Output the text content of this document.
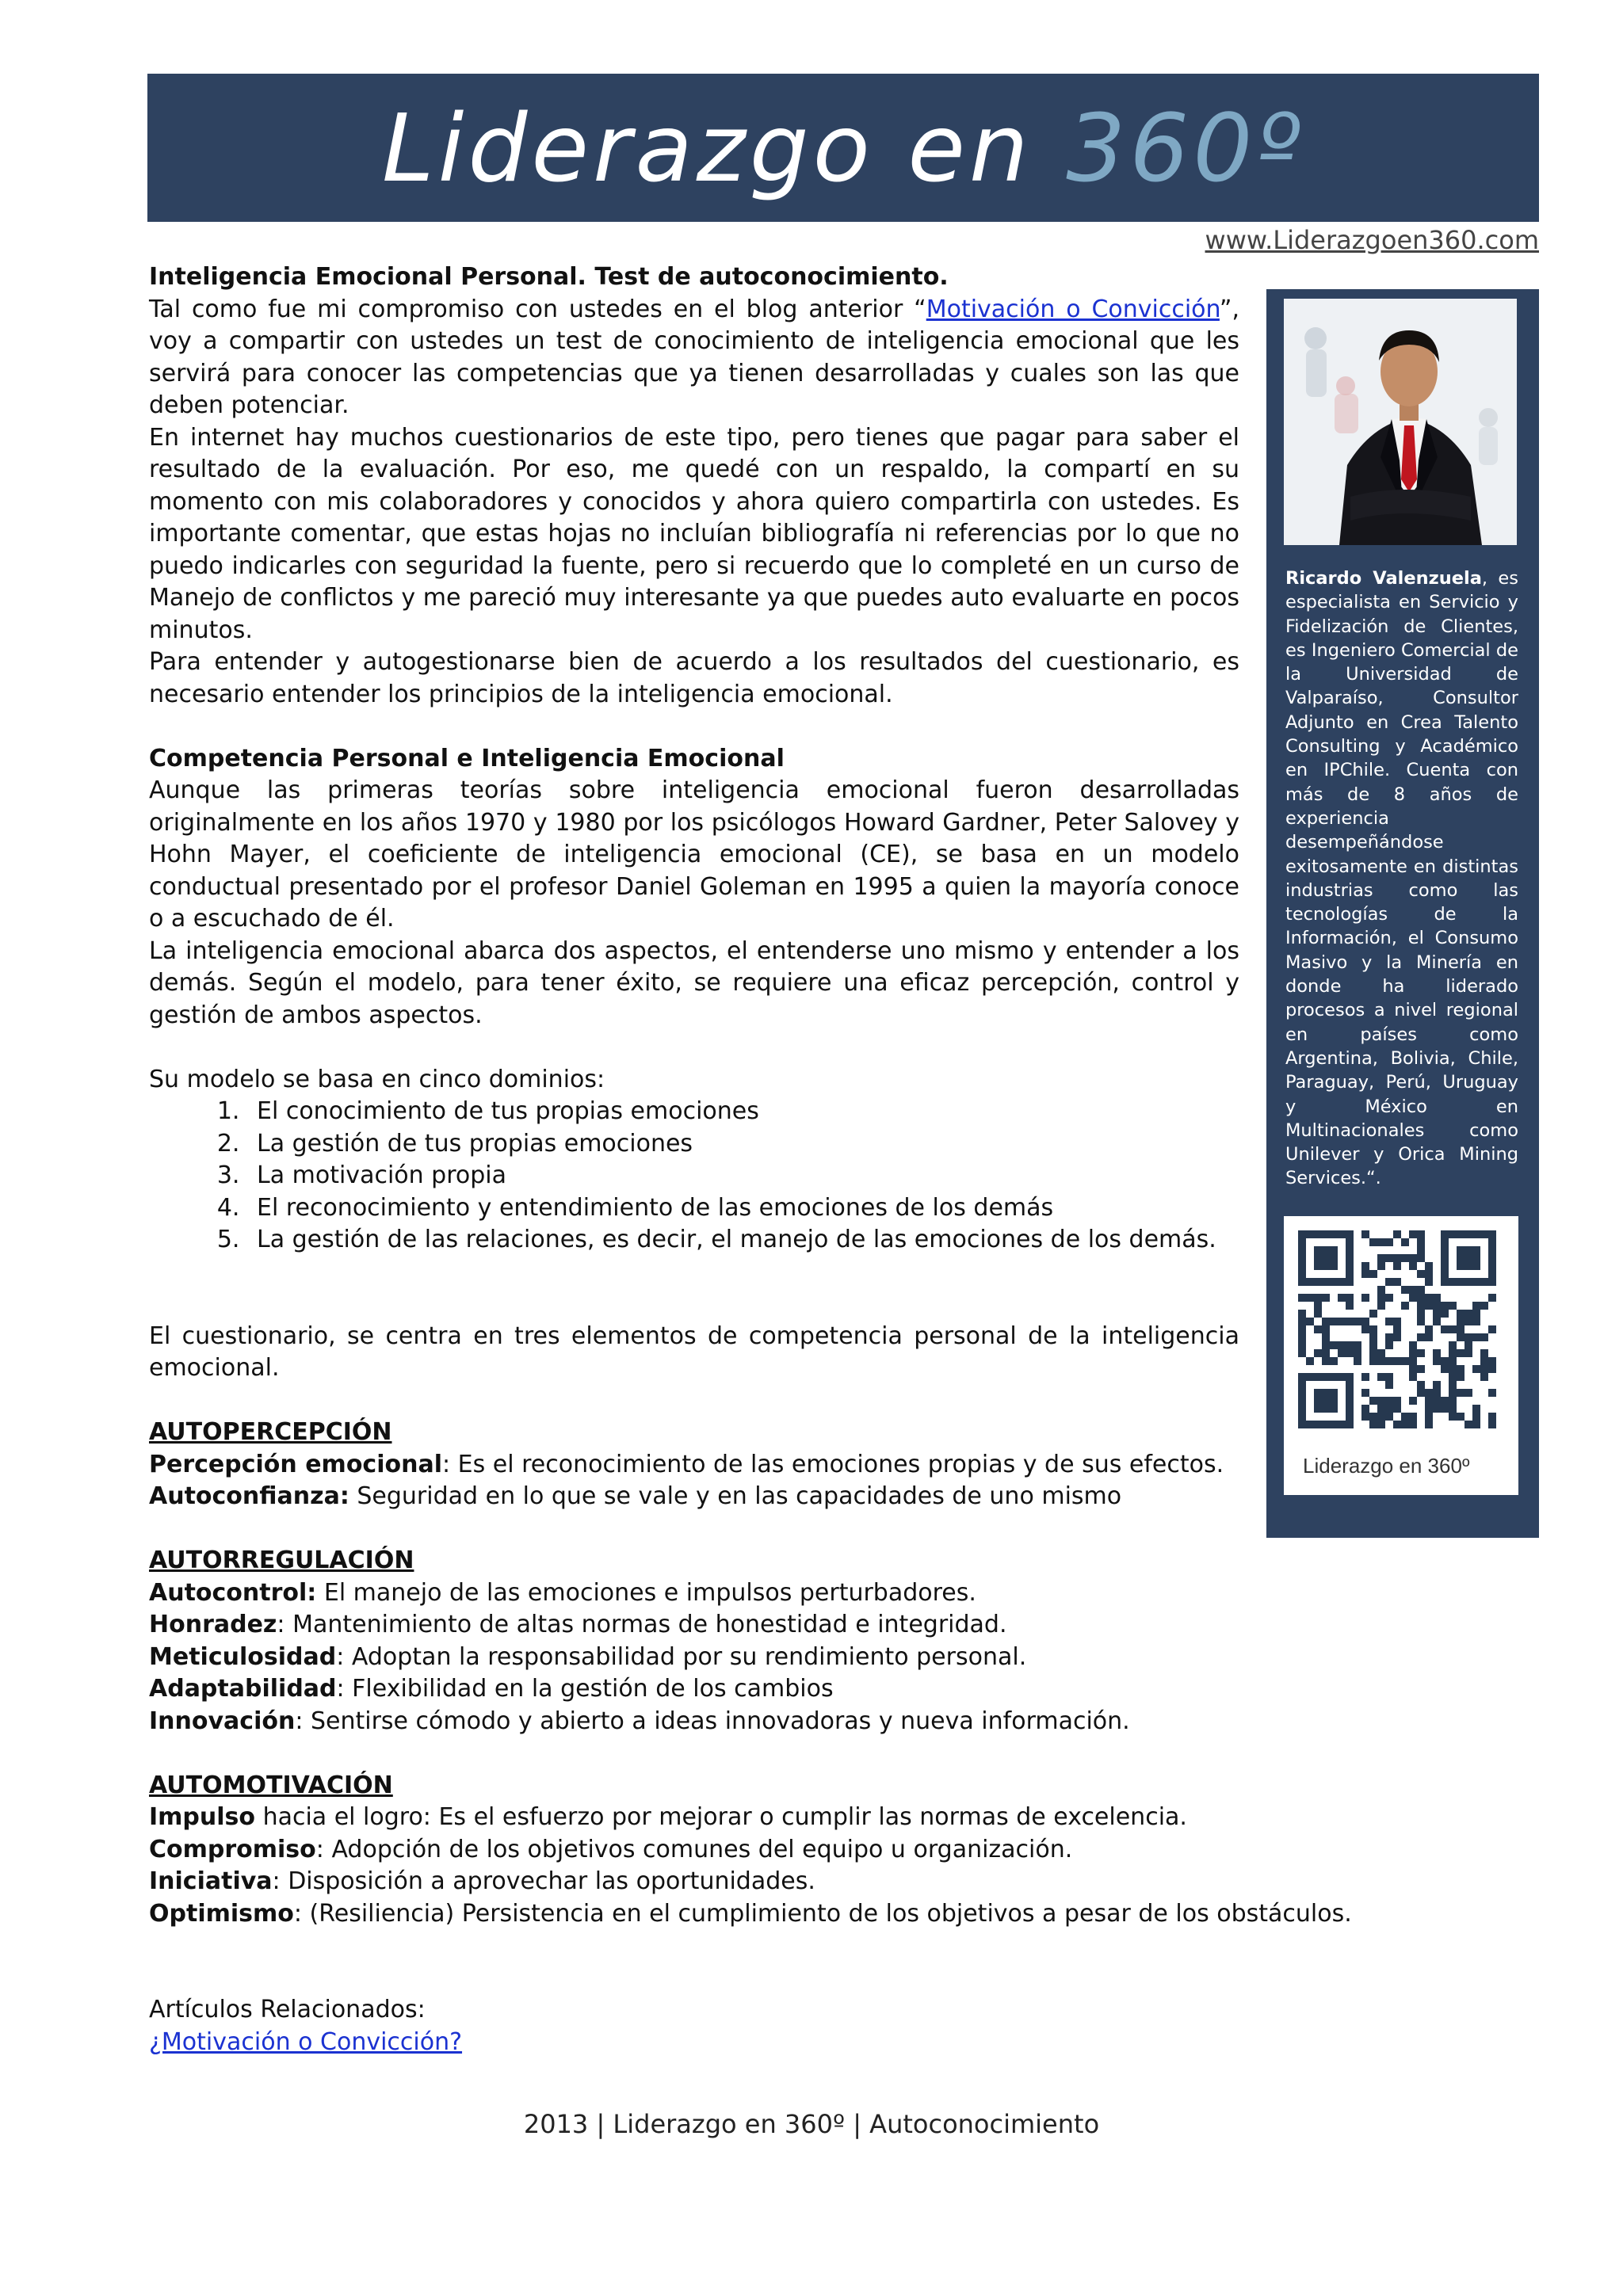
Liderazgo en 360º
www.Liderazgoen360.com

Inteligencia Emocional Personal. Test de autoconocimiento.

Tal como fue mi compromiso con ustedes en el blog anterior “Motivación o Convicción”, voy a compartir con ustedes un test de conocimiento de inteligencia emocional que les servirá para conocer las competencias que ya tienen desarrolladas y cuales son las que deben potenciar.

En internet hay muchos cuestionarios de este tipo, pero tienes que pagar para saber el resultado de la evaluación. Por eso, me quedé con un respaldo, la compartí en su momento con mis colaboradores y conocidos y ahora quiero compartirla con ustedes. Es importante comentar, que estas hojas no incluían bibliografía ni referencias por lo que no puedo indicarles con seguridad la fuente, pero si recuerdo que lo completé en un curso de Manejo de conflictos y me pareció muy interesante ya que puedes auto evaluarte en pocos minutos.

Para entender y autogestionarse bien de acuerdo a los resultados del cuestionario, es necesario entender los principios de la inteligencia emocional.

Competencia Personal e Inteligencia Emocional

Aunque las primeras teorías sobre inteligencia emocional fueron desarrolladas originalmente en los años 1970 y 1980 por los psicólogos Howard Gardner, Peter Salovey y Hohn Mayer, el coeficiente de inteligencia emocional (CE), se basa en un modelo conductual presentado por el profesor Daniel Goleman en 1995 a quien la mayoría conoce o a escuchado de él.

La inteligencia emocional abarca dos aspectos, el entenderse uno mismo y entender a los demás. Según el modelo, para tener éxito, se requiere una eficaz percepción, control y gestión de ambos aspectos.

Su modelo se basa en cinco dominios:

1. El conocimiento de tus propias emociones
2. La gestión de tus propias emociones
3. La motivación propia
4. El reconocimiento y entendimiento de las emociones de los demás
5. La gestión de las relaciones, es decir, el manejo de las emociones de los demás.

El cuestionario, se centra en tres elementos de competencia personal de la inteligencia emocional.

AUTOPERCEPCIÓN

Percepción emocional: Es el reconocimiento de las emociones propias y de sus efectos.

Autoconfianza: Seguridad en lo que se vale y en las capacidades de uno mismo

AUTORREGULACIÓN

Autocontrol: El manejo de las emociones e impulsos perturbadores.

Honradez: Mantenimiento de altas normas de honestidad e integridad.

Meticulosidad: Adoptan la responsabilidad por su rendimiento personal.

Adaptabilidad: Flexibilidad en la gestión de los cambios

Innovación: Sentirse cómodo y abierto a ideas innovadoras y nueva información.

AUTOMOTIVACIÓN

Impulso hacia el logro: Es el esfuerzo por mejorar o cumplir las normas de excelencia.

Compromiso: Adopción de los objetivos comunes del equipo u organización.

Iniciativa: Disposición a aprovechar las oportunidades.

Optimismo: (Resiliencia) Persistencia en el cumplimiento de los objetivos a pesar de los obstáculos.

Artículos Relacionados:

¿Motivación o Convicción?

Ricardo Valenzuela, es especialista en Servicio y Fidelización de Clientes, es Ingeniero Comercial de la Universidad de Valparaíso, Consultor Adjunto en Crea Talento Consulting y Académico en IPChile. Cuenta con más de 8 años de experiencia desempeñándose exitosamente en distintas industrias como las tecnologías de la Información, el Consumo Masivo y la Minería en donde ha liderado procesos a nivel regional en países como Argentina, Bolivia, Chile, Paraguay, Perú, Uruguay y México en Multinacionales como Unilever y Orica Mining Services.“.
Liderazgo en 360º
2013 | Liderazgo en 360º | Autoconocimiento
